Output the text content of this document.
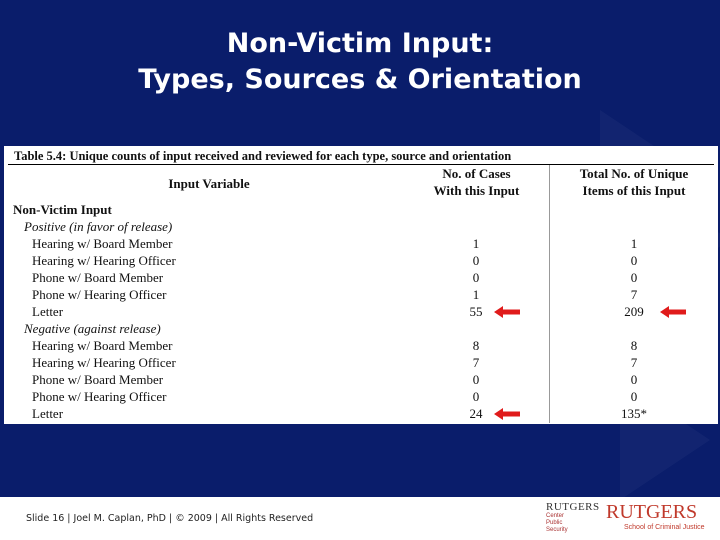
Non-Victim Input:
Types, Sources & Orientation
Table 5.4: Unique counts of input received and reviewed for each type, source and orientation
Input Variable
No. of Cases
With this Input
Total No. of Unique
Items of this Input
Non-Victim Input
Positive (in favor of release)
Hearing w/ Board Member	1	1
Hearing w/ Hearing Officer	0	0
Phone w/ Board Member	0	0
Phone w/ Hearing Officer	1	7
Letter	55	209
Negative (against release)
Hearing w/ Board Member	8	8
Hearing w/ Hearing Officer	7	7
Phone w/ Board Member	0	0
Phone w/ Hearing Officer	0	0
Letter	24	135*
Slide 16 | Joel M. Caplan, PhD | © 2009 | All Rights Reserved
RUTGERS
Center
Public
Security
RUTGERS
School of Criminal Justice
